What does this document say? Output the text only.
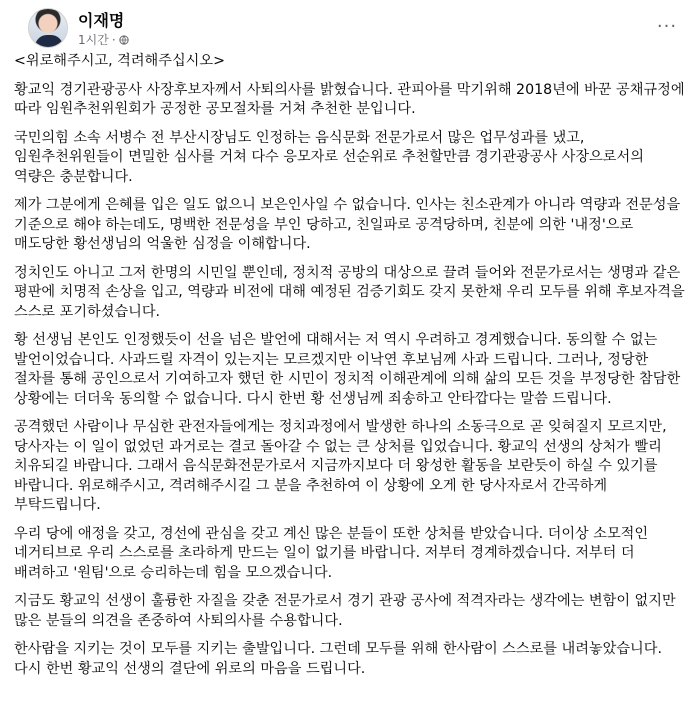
이재명
1시간 ·
···

<위로해주시고, 격려해주십시오>

황교익 경기관광공사 사장후보자께서 사퇴의사를 밝혔습니다. 관피아를 막기위해 2018년에 바꾼 공채규정에 따라 임원추천위원회가 공정한 공모절차를 거쳐 추천한 분입니다.

국민의힘 소속 서병수 전 부산시장님도 인정하는 음식문화 전문가로서 많은 업무성과를 냈고, 임원추천위원들이 면밀한 심사를 거쳐 다수 응모자로 선순위로 추천할만큼 경기관광공사 사장으로서의 역량은 충분합니다.

제가 그분에게 은혜를 입은 일도 없으니 보은인사일 수 없습니다. 인사는 친소관계가 아니라 역량과 전문성을 기준으로 해야 하는데도, 명백한 전문성을 부인 당하고, 친일파로 공격당하며, 친분에 의한 '내정'으로 매도당한 황선생님의 억울한 심정을 이해합니다.

정치인도 아니고 그저 한명의 시민일 뿐인데, 정치적 공방의 대상으로 끌려 들어와 전문가로서는 생명과 같은 평판에 치명적 손상을 입고, 역량과 비전에 대해 예정된 검증기회도 갖지 못한채 우리 모두를 위해 후보자격을 스스로 포기하셨습니다.

황 선생님 본인도 인정했듯이 선을 넘은 발언에 대해서는 저 역시 우려하고 경계했습니다. 동의할 수 없는 발언이었습니다. 사과드릴 자격이 있는지는 모르겠지만 이낙연 후보님께 사과 드립니다. 그러나, 정당한 절차를 통해 공인으로서 기여하고자 했던 한 시민이 정치적 이해관계에 의해 삶의 모든 것을 부정당한 참담한 상황에는 더더욱 동의할 수 없습니다. 다시 한번 황 선생님께 죄송하고 안타깝다는 말씀 드립니다.

공격했던 사람이나 무심한 관전자들에게는 정치과정에서 발생한 하나의 소동극으로 곧 잊혀질지 모르지만, 당사자는 이 일이 없었던 과거로는 결코 돌아갈 수 없는 큰 상처를 입었습니다. 황교익 선생의 상처가 빨리 치유되길 바랍니다. 그래서 음식문화전문가로서 지금까지보다 더 왕성한 활동을 보란듯이 하실 수 있기를 바랍니다. 위로해주시고, 격려해주시길 그 분을 추천하여 이 상황에 오게 한 당사자로서 간곡하게 부탁드립니다.

우리 당에 애정을 갖고, 경선에 관심을 갖고 계신 많은 분들이 또한 상처를 받았습니다. 더이상 소모적인 네거티브로 우리 스스로를 초라하게 만드는 일이 없기를 바랍니다. 저부터 경계하겠습니다. 저부터 더 배려하고 '원팀'으로 승리하는데 힘을 모으겠습니다.

지금도 황교익 선생이 훌륭한 자질을 갖춘 전문가로서 경기 관광 공사에 적격자라는 생각에는 변함이 없지만 많은 분들의 의견을 존중하여 사퇴의사를 수용합니다.

한사람을 지키는 것이 모두를 지키는 출발입니다. 그런데 모두를 위해 한사람이 스스로를 내려놓았습니다. 다시 한번 황교익 선생의 결단에 위로의 마음을 드립니다.
